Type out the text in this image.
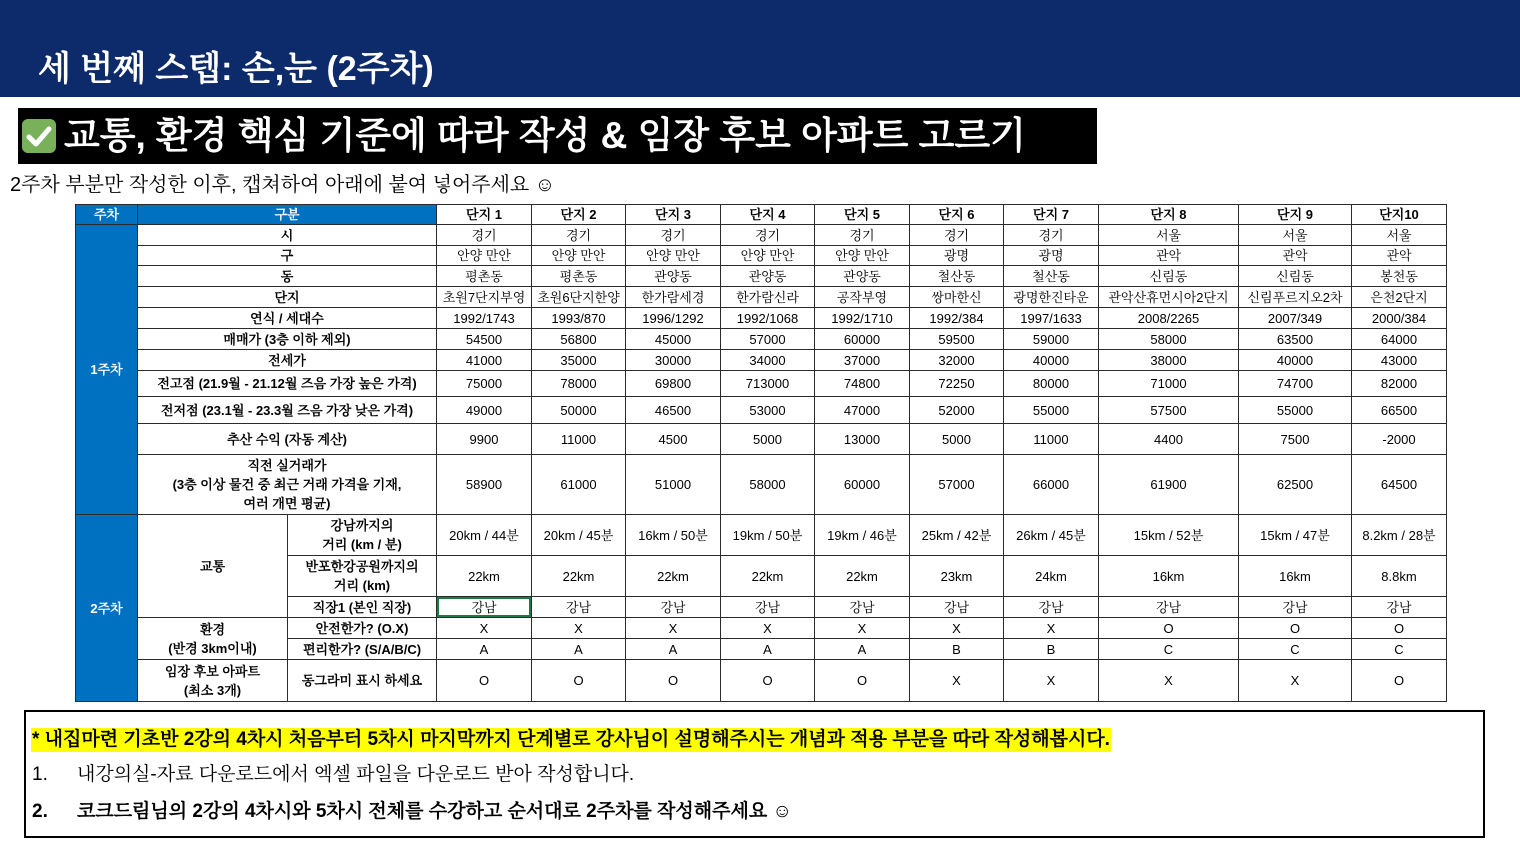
세 번째 스텝: 손,눈 (2주차)
교통, 환경 핵심 기준에 따라 작성 & 임장 후보 아파트 고르기
2주차 부분만 작성한 이후, 캡쳐하여 아래에 붙여 넣어주세요 ☺
주차	구분		단지 1	단지 2	단지 3	단지 4	단지 5	단지 6	단지 7	단지 8	단지 9	단지10
1주차	시		경기	경기	경기	경기	경기	경기	경기	서울	서울	서울

	구		안양 만안	안양 만안	안양 만안	안양 만안	안양 만안	광명	광명	관악	관악	관악

	동		평촌동	평촌동	관양동	관양동	관양동	철산동	철산동	신림동	신림동	봉천동

	단지		초원7단지부영	초원6단지한양	한가람세경	한가람신라	공작부영	쌍마한신	광명한진타운	관악산휴먼시아2단지	신림푸르지오2차	은천2단지

	연식 / 세대수		1992/1743	1993/870	1996/1292	1992/1068	1992/1710	1992/384	1997/1633	2008/2265	2007/349	2000/384

	매매가 (3층 이하 제외)		54500	56800	45000	57000	60000	59500	59000	58000	63500	64000

	전세가		41000	35000	30000	34000	37000	32000	40000	38000	40000	43000

	전고점 (21.9월 - 21.12월 즈음 가장 높은 가격)		75000	78000	69800	713000	74800	72250	80000	71000	74700	82000

	전저점 (23.1월 - 23.3월 즈음 가장 낮은 가격)		49000	50000	46500	53000	47000	52000	55000	57500	55000	66500

	추산 수익 (자동 계산)		9900	11000	4500	5000	13000	5000	11000	4400	7500	-2000

	직전 실거래가
(3층 이상 물건 중 최근 거래 가격을 기재,
여러 개면 평균)		58900	61000	51000	58000	60000	57000	66000	61900	62500	64500
2주차	교통	강남까지의
거리 (km / 분)	20km / 44분	20km / 45분	16km / 50분	19km / 50분	19km / 46분	25km / 42분	26km / 45분	15km / 52분	15km / 47분	8.2km / 28분

		반포한강공원까지의
거리 (km)	22km	22km	22km	22km	22km	23km	24km	16km	16km	8.8km

		직장1 (본인 직장)	강남	강남	강남	강남	강남	강남	강남	강남	강남	강남

	환경
(반경 3km이내)	안전한가? (O.X)	X	X	X	X	X	X	X	O	O	O

		편리한가? (S/A/B/C)	A	A	A	A	A	B	B	C	C	C

	임장 후보 아파트
(최소 3개)	동그라미 표시 하세요	O	O	O	O	O	X	X	X	X	O
* 내집마련 기초반 2강의 4차시 처음부터 5차시 마지막까지 단계별로 강사님이 설명해주시는 개념과 적용 부분을 따라 작성해봅시다.
1.	내강의실-자료 다운로드에서 엑셀 파일을 다운로드 받아 작성합니다.
2.	코크드림님의 2강의 4차시와 5차시 전체를 수강하고 순서대로 2주차를 작성해주세요 ☺
